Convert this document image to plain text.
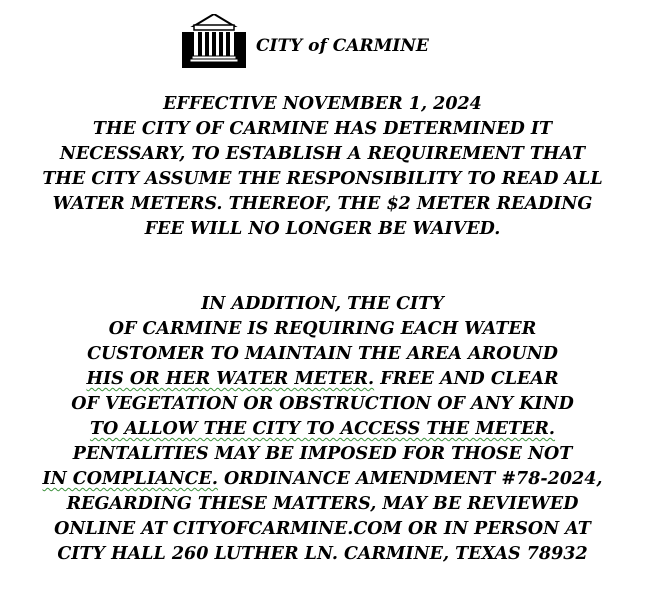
CITY of CARMINE
EFFECTIVE NOVEMBER 1, 2024
THE CITY OF CARMINE HAS DETERMINED IT
NECESSARY, TO ESTABLISH A REQUIREMENT THAT
THE CITY ASSUME THE RESPONSIBILITY TO READ ALL
WATER METERS. THEREOF, THE $2 METER READING
FEE WILL NO LONGER BE WAIVED.
IN ADDITION, THE CITY
OF CARMINE IS REQUIRING EACH WATER
CUSTOMER TO MAINTAIN THE AREA AROUND
HIS OR HER WATER METER. FREE AND CLEAR
OF VEGETATION OR OBSTRUCTION OF ANY KIND
TO ALLOW THE CITY TO ACCESS THE METER.
PENTALITIES MAY BE IMPOSED FOR THOSE NOT
IN COMPLIANCE. ORDINANCE AMENDMENT #78-2024,
REGARDING THESE MATTERS, MAY BE REVIEWED
ONLINE AT CITYOFCARMINE.COM OR IN PERSON AT
CITY HALL 260 LUTHER LN. CARMINE, TEXAS 78932
